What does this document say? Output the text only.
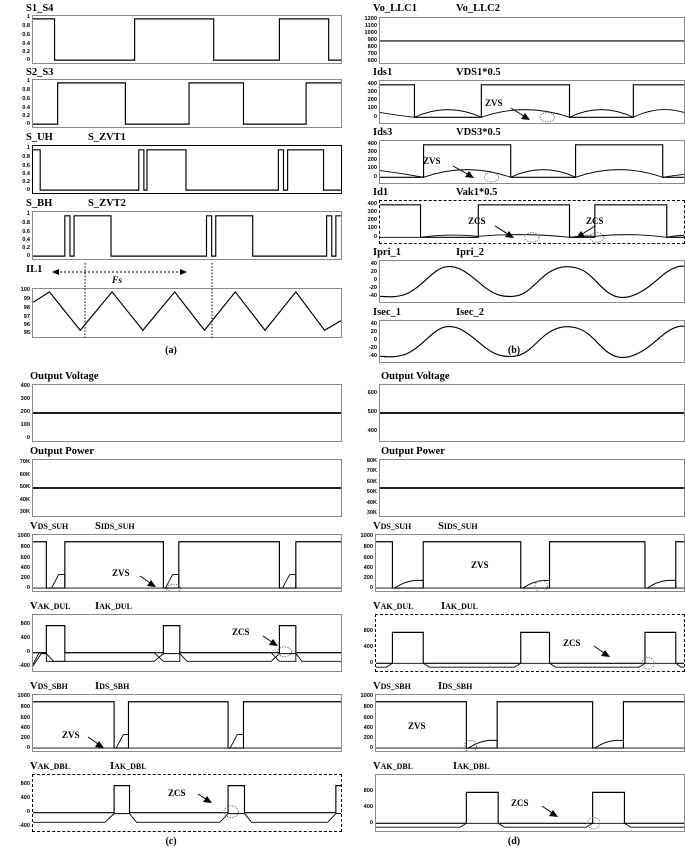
S1_S4
1
0.8
0.6
0.4
0.2
0
S2_S3
1
0.8
0.6
0.4
0.2
0
S_UH	S_ZVT1
1
0.8
0.6
0.4
0.2
0
S_BH	S_ZVT2
1
0.8
0.6
0.4
0.2
0
IL1
Fs
100
99
98
97
96
95
(a)
Vo_LLC1	Vo_LLC2
1200
1100
1000
900
800
700
600
Ids1	VDS1*0.5
400
300
200
100
0
ZVS
Ids3	VDS3*0.5
400
300
200
100
0
ZVS
Id1	Vak1*0.5
400
300
200
100
0
ZCS	ZCS
Ipri_1	Ipri_2
40
20
0
-20
-40
Isec_1	Isec_2
40
20
0
-20
-40
(b)
Output Voltage
400
300
200
100
0
Output Power
70K
60K
50K
40K
30K
VDS_SUH	SIDS_SUH
1000
800
600
400
200
0
ZVS
VAK_DUL IAK_DUL
800
400
0
-400
ZCS
VDS_SBH	IDS_SBH
1000
800
600
400
200
0
ZVS
VAK_DBL	IAK_DBL
800
400
0
-400
ZCS
(c)
Output Voltage
600
500
400
Output Power
80K
70K
60K
50K
40K
30K
VDS_SUH	SIDS_SUH
1000
800
600
400
200
0
ZVS
VAK_DUL	IAK_DUL
800
400
0
ZCS
VDS_SBH	IDS_SBH
1000
800
600
400
200
0
ZVS
VAK_DBL	IAK_DBL
800
400
0
ZCS
(d)
